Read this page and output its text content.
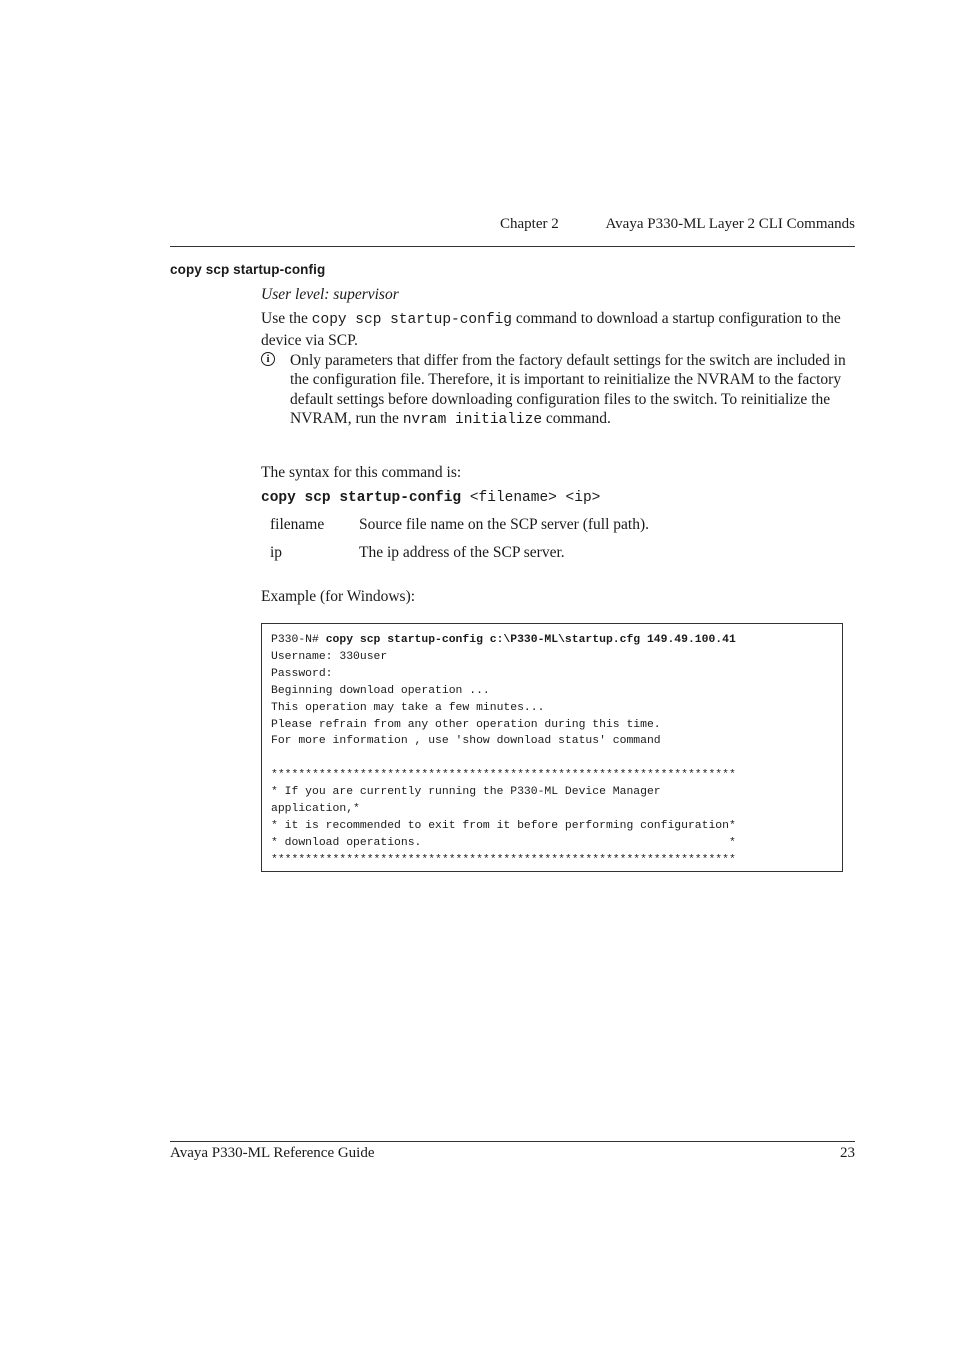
Chapter 2	Avaya P330-ML Layer 2 CLI Commands
copy scp startup-config
User level: supervisor
Use the copy scp startup-config command to download a startup configuration to the device via SCP.
i	Only parameters that differ from the factory default settings for the switch are included in the configuration file. Therefore, it is important to reinitialize the NVRAM to the factory default settings before downloading configuration files to the switch. To reinitialize the NVRAM, run the nvram initialize command.
The syntax for this command is:
copy scp startup-config <filename> <ip>
filename Source file name on the SCP server (full path).
ip	The ip address of the SCP server.
Example (for Windows):
P330-N# copy scp startup-config c:\P330-ML\startup.cfg 149.49.100.41
Username: 330user
Password:
Beginning download operation ...
This operation may take a few minutes...
Please refrain from any other operation during this time.
For more information , use 'show download status' command

********************************************************************
* If you are currently running the P330-ML Device Manager
application,*
* it is recommended to exit from it before performing configuration*
* download operations.                                             *
********************************************************************
Avaya P330-ML Reference Guide	23
